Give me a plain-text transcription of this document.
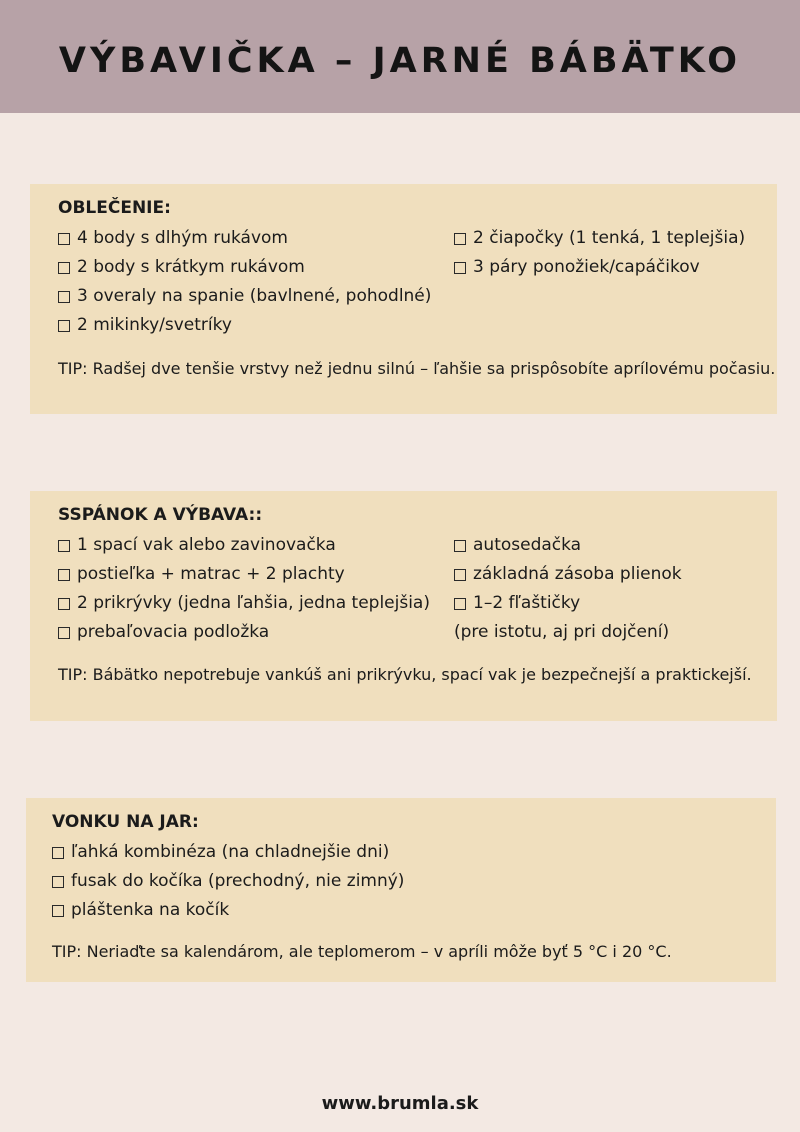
VÝBAVIČKA – JARNÉ BÁBÄTKO
OBLEČENIE:
4 body s dlhým rukávom
2 body s krátkym rukávom
3 overaly na spanie (bavlnené, pohodlné)
2 mikinky/svetríky
2 čiapočky (1 tenká, 1 teplejšia)
3 páry ponožiek/capáčikov
TIP: Radšej dve tenšie vrstvy než jednu silnú – ľahšie sa prispôsobíte aprílovému počasiu.
SSPÁNOK A VÝBAVA::
1 spací vak alebo zavinovačka
postieľka + matrac + 2 plachty
2 prikrývky (jedna ľahšia, jedna teplejšia)
prebaľovacia podložka
autosedačka
základná zásoba plienok
1–2 fľaštičky
(pre istotu, aj pri dojčení)
TIP: Bábätko nepotrebuje vankúš ani prikrývku, spací vak je bezpečnejší a praktickejší.
VONKU NA JAR:
ľahká kombinéza (na chladnejšie dni)
fusak do kočíka (prechodný, nie zimný)
pláštenka na kočík
TIP: Neriaďte sa kalendárom, ale teplomerom – v apríli môže byť 5 °C i 20 °C.
www.brumla.sk
